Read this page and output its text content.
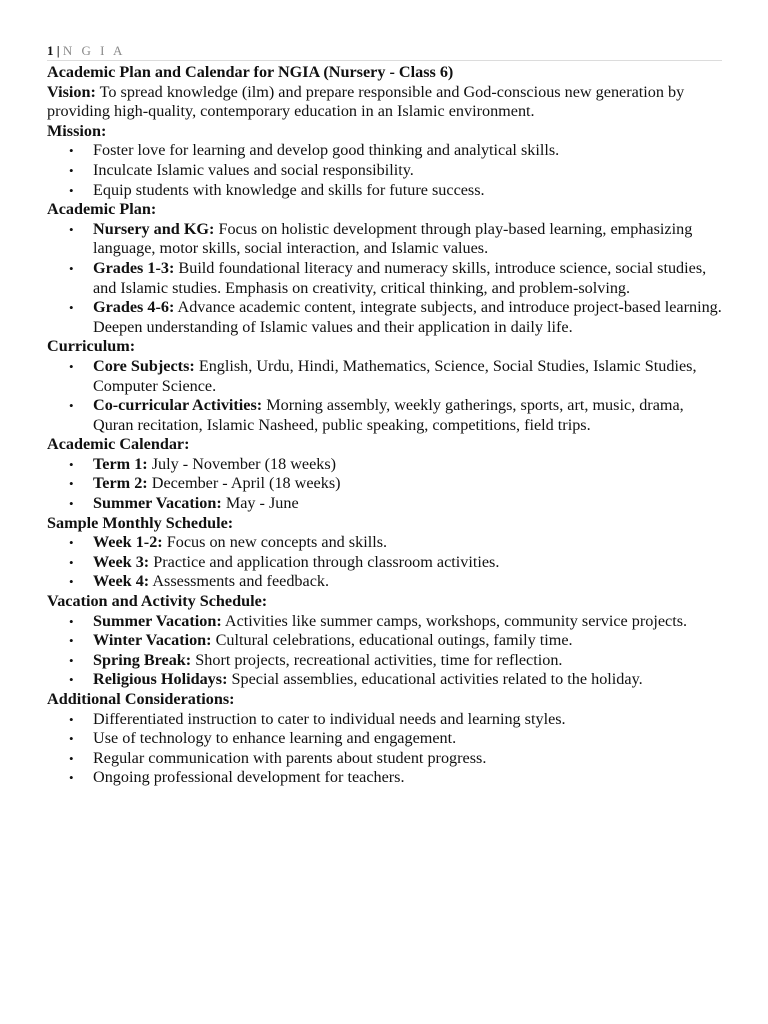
1 | N G I A

Academic Plan and Calendar for NGIA (Nursery - Class 6)

Vision: To spread knowledge (ilm) and prepare responsible and God-conscious new generation by providing high-quality, contemporary education in an Islamic environment.

Mission:

• Foster love for learning and develop good thinking and analytical skills.
• Inculcate Islamic values and social responsibility.
• Equip students with knowledge and skills for future success.

Academic Plan:

• Nursery and KG: Focus on holistic development through play-based learning, emphasizing language, motor skills, social interaction, and Islamic values.
• Grades 1-3: Build foundational literacy and numeracy skills, introduce science, social studies, and Islamic studies. Emphasis on creativity, critical thinking, and problem-solving.
• Grades 4-6: Advance academic content, integrate subjects, and introduce project-based learning. Deepen understanding of Islamic values and their application in daily life.

Curriculum:

• Core Subjects: English, Urdu, Hindi, Mathematics, Science, Social Studies, Islamic Studies, Computer Science.
• Co-curricular Activities: Morning assembly, weekly gatherings, sports, art, music, drama, Quran recitation, Islamic Nasheed, public speaking, competitions, field trips.

Academic Calendar:

• Term 1: July - November (18 weeks)
• Term 2: December - April (18 weeks)
• Summer Vacation: May - June

Sample Monthly Schedule:

• Week 1-2: Focus on new concepts and skills.
• Week 3: Practice and application through classroom activities.
• Week 4: Assessments and feedback.

Vacation and Activity Schedule:

• Summer Vacation: Activities like summer camps, workshops, community service projects.
• Winter Vacation: Cultural celebrations, educational outings, family time.
• Spring Break: Short projects, recreational activities, time for reflection.
• Religious Holidays: Special assemblies, educational activities related to the holiday.

Additional Considerations:

• Differentiated instruction to cater to individual needs and learning styles.
• Use of technology to enhance learning and engagement.
• Regular communication with parents about student progress.
• Ongoing professional development for teachers.
